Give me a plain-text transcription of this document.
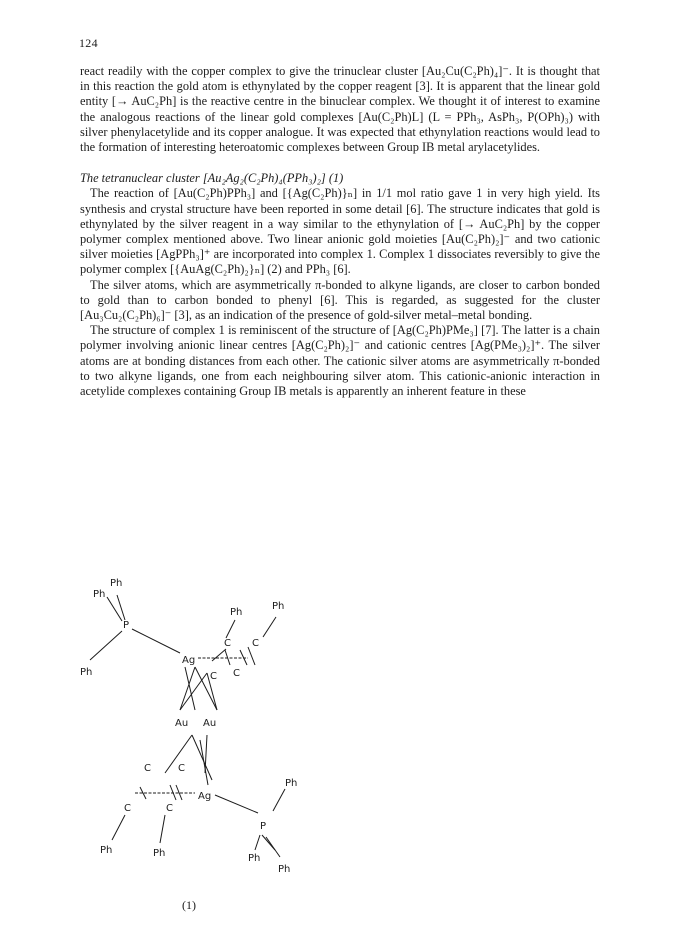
124

react readily with the copper complex to give the trinuclear cluster [Au₂Cu(C₂Ph)₄]⁻. It is thought that in this reaction the gold atom is ethynylated by the copper reagent [3]. It is apparent that the linear gold entity [→ AuC₂Ph] is the reactive centre in the binuclear complex. We thought it of interest to examine the analogous reactions of the linear gold complexes [Au(C₂Ph)L] (L = PPh₃, AsPh₃, P(OPh)₃) with silver phenylacetylide and its copper analogue. It was expected that ethynylation reactions would lead to the formation of interesting heteroatomic complexes between Group IB metal arylacetylides.

The tetranuclear cluster [Au₂Ag₂(C₂Ph)₄(PPh₃)₂] (1)

The reaction of [Au(C₂Ph)PPh₃] and [{Ag(C₂Ph)}ₙ] in 1/1 mol ratio gave 1 in very high yield. Its synthesis and crystal structure have been reported in some detail [6]. The structure indicates that gold is ethynylated by the silver reagent in a way similar to the ethynylation of [→ AuC₂Ph] by the copper polymer complex mentioned above. Two linear anionic gold moieties [Au(C₂Ph)₂]⁻ and two cationic silver moieties [AgPPh₃]⁺ are incorporated into complex 1. Complex 1 dissociates reversibly to give the polymer complex [{AuAg(C₂Ph)₂}ₙ] (2) and PPh₃ [6].

The silver atoms, which are asymmetrically π-bonded to alkyne ligands, are closer to carbon bonded to gold than to carbon bonded to phenyl [6]. This is regarded, as suggested for the cluster [Au₃Cu₂(C₂Ph)₆]⁻ [3], as an indication of the presence of gold-silver metal–metal bonding.

The structure of complex 1 is reminiscent of the structure of [Ag(C₂Ph)PMe₃] [7]. The latter is a chain polymer involving anionic linear centres [Ag(C₂Ph)₂]⁻ and cationic centres [Ag(PMe₃)₂]⁺. The silver atoms are at bonding distances from each other. The cationic silver atoms are asymmetrically π-bonded to two alkyne ligands, one from each neighbouring silver atom. This cationic-anionic interaction in acetylide complexes containing Group IB metals is apparently an inherent feature in these

Ph
Ph
P
Ph
Ph
Ph
C C
Ag
C C
Au Au
C	C
Ag
C	C
Ph
P
Ph	Ph	Ph
Ph
(1)
